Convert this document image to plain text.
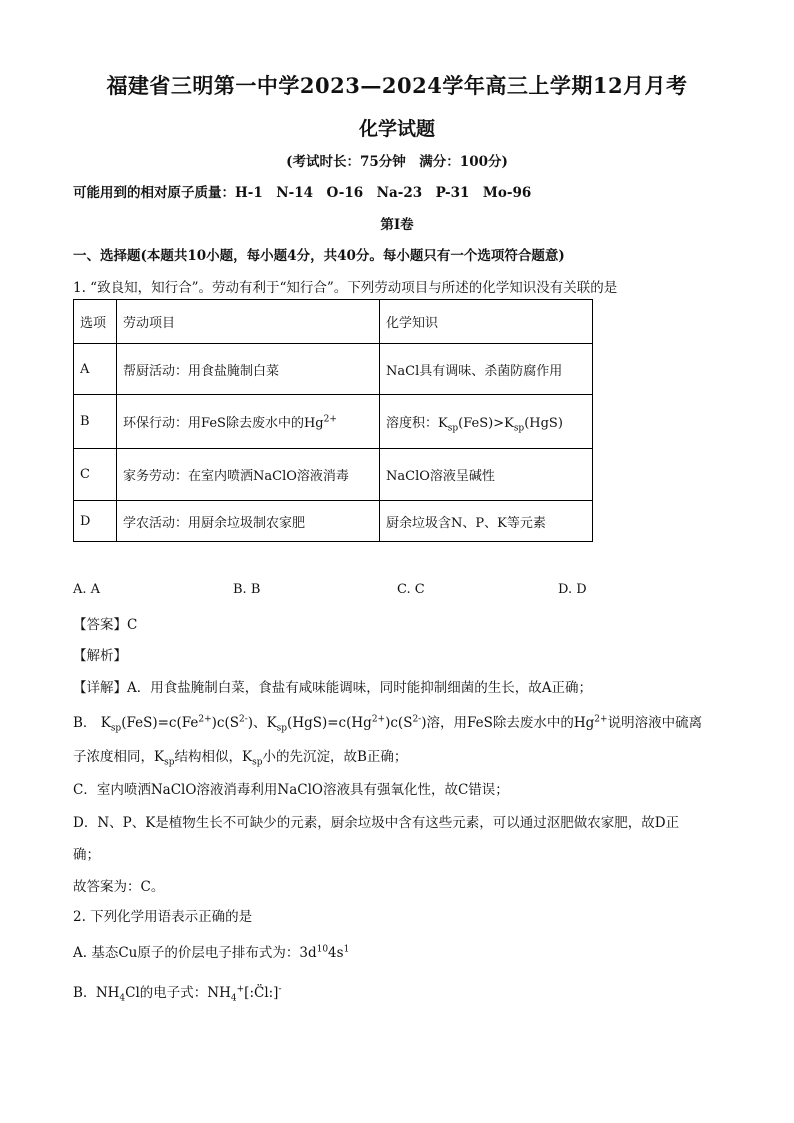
福建省三明第一中学2023—2024学年高三上学期12月月考
化学试题
(考试时长：75分钟　满分：100分)
可能用到的相对原子质量：H-1　N-14　O-16　Na-23　P-31　Mo-96
第I卷
一、选择题(本题共10小题，每小题4分，共40分。每小题只有一个选项符合题意)
1. “致良知，知行合”。劳动有利于“知行合”。下列劳动项目与所述的化学知识没有关联的是
选项	劳动项目	化学知识
A	帮厨活动：用食盐腌制白菜	NaCl具有调味、杀菌防腐作用
B	环保行动：用FeS除去废水中的$Hg^{2+}$	溶度积：$K_{sp}(FeS)>K_{sp}(HgS)$
C	家务劳动：在室内喷洒NaClO溶液消毒	NaClO溶液呈碱性
D	学农活动：用厨余垃圾制农家肥	厨余垃圾含N、P、K等元素
A. A	B. B	C. C	D. D
【答案】C
【解析】
【详解】A．用食盐腌制白菜，食盐有咸味能调味，同时能抑制细菌的生长，故A正确；
B． $K_{sp}(FeS)=c(Fe^{2+})c(S^{2-})$、$K_{sp}(HgS)=c(Hg^{2+})c(S^{2-})$溶，用FeS除去废水中的$Hg^{2+}$说明溶液中硫离
子浓度相同，$K_{sp}$结构相似，$K_{sp}$小的先沉淀，故B正确；
C．室内喷洒NaClO溶液消毒利用NaClO溶液具有强氧化性，故C错误；
D．N、P、K是植物生长不可缺少的元素，厨余垃圾中含有这些元素，可以通过沤肥做农家肥，故D正
确；
故答案为：C。
2. 下列化学用语表示正确的是
A. 基态Cu原子的价层电子排布式为：$3d^{10}4s^1$
B. $NH_4Cl$的电子式：$NH_4^+[:C̈l:]^-$
